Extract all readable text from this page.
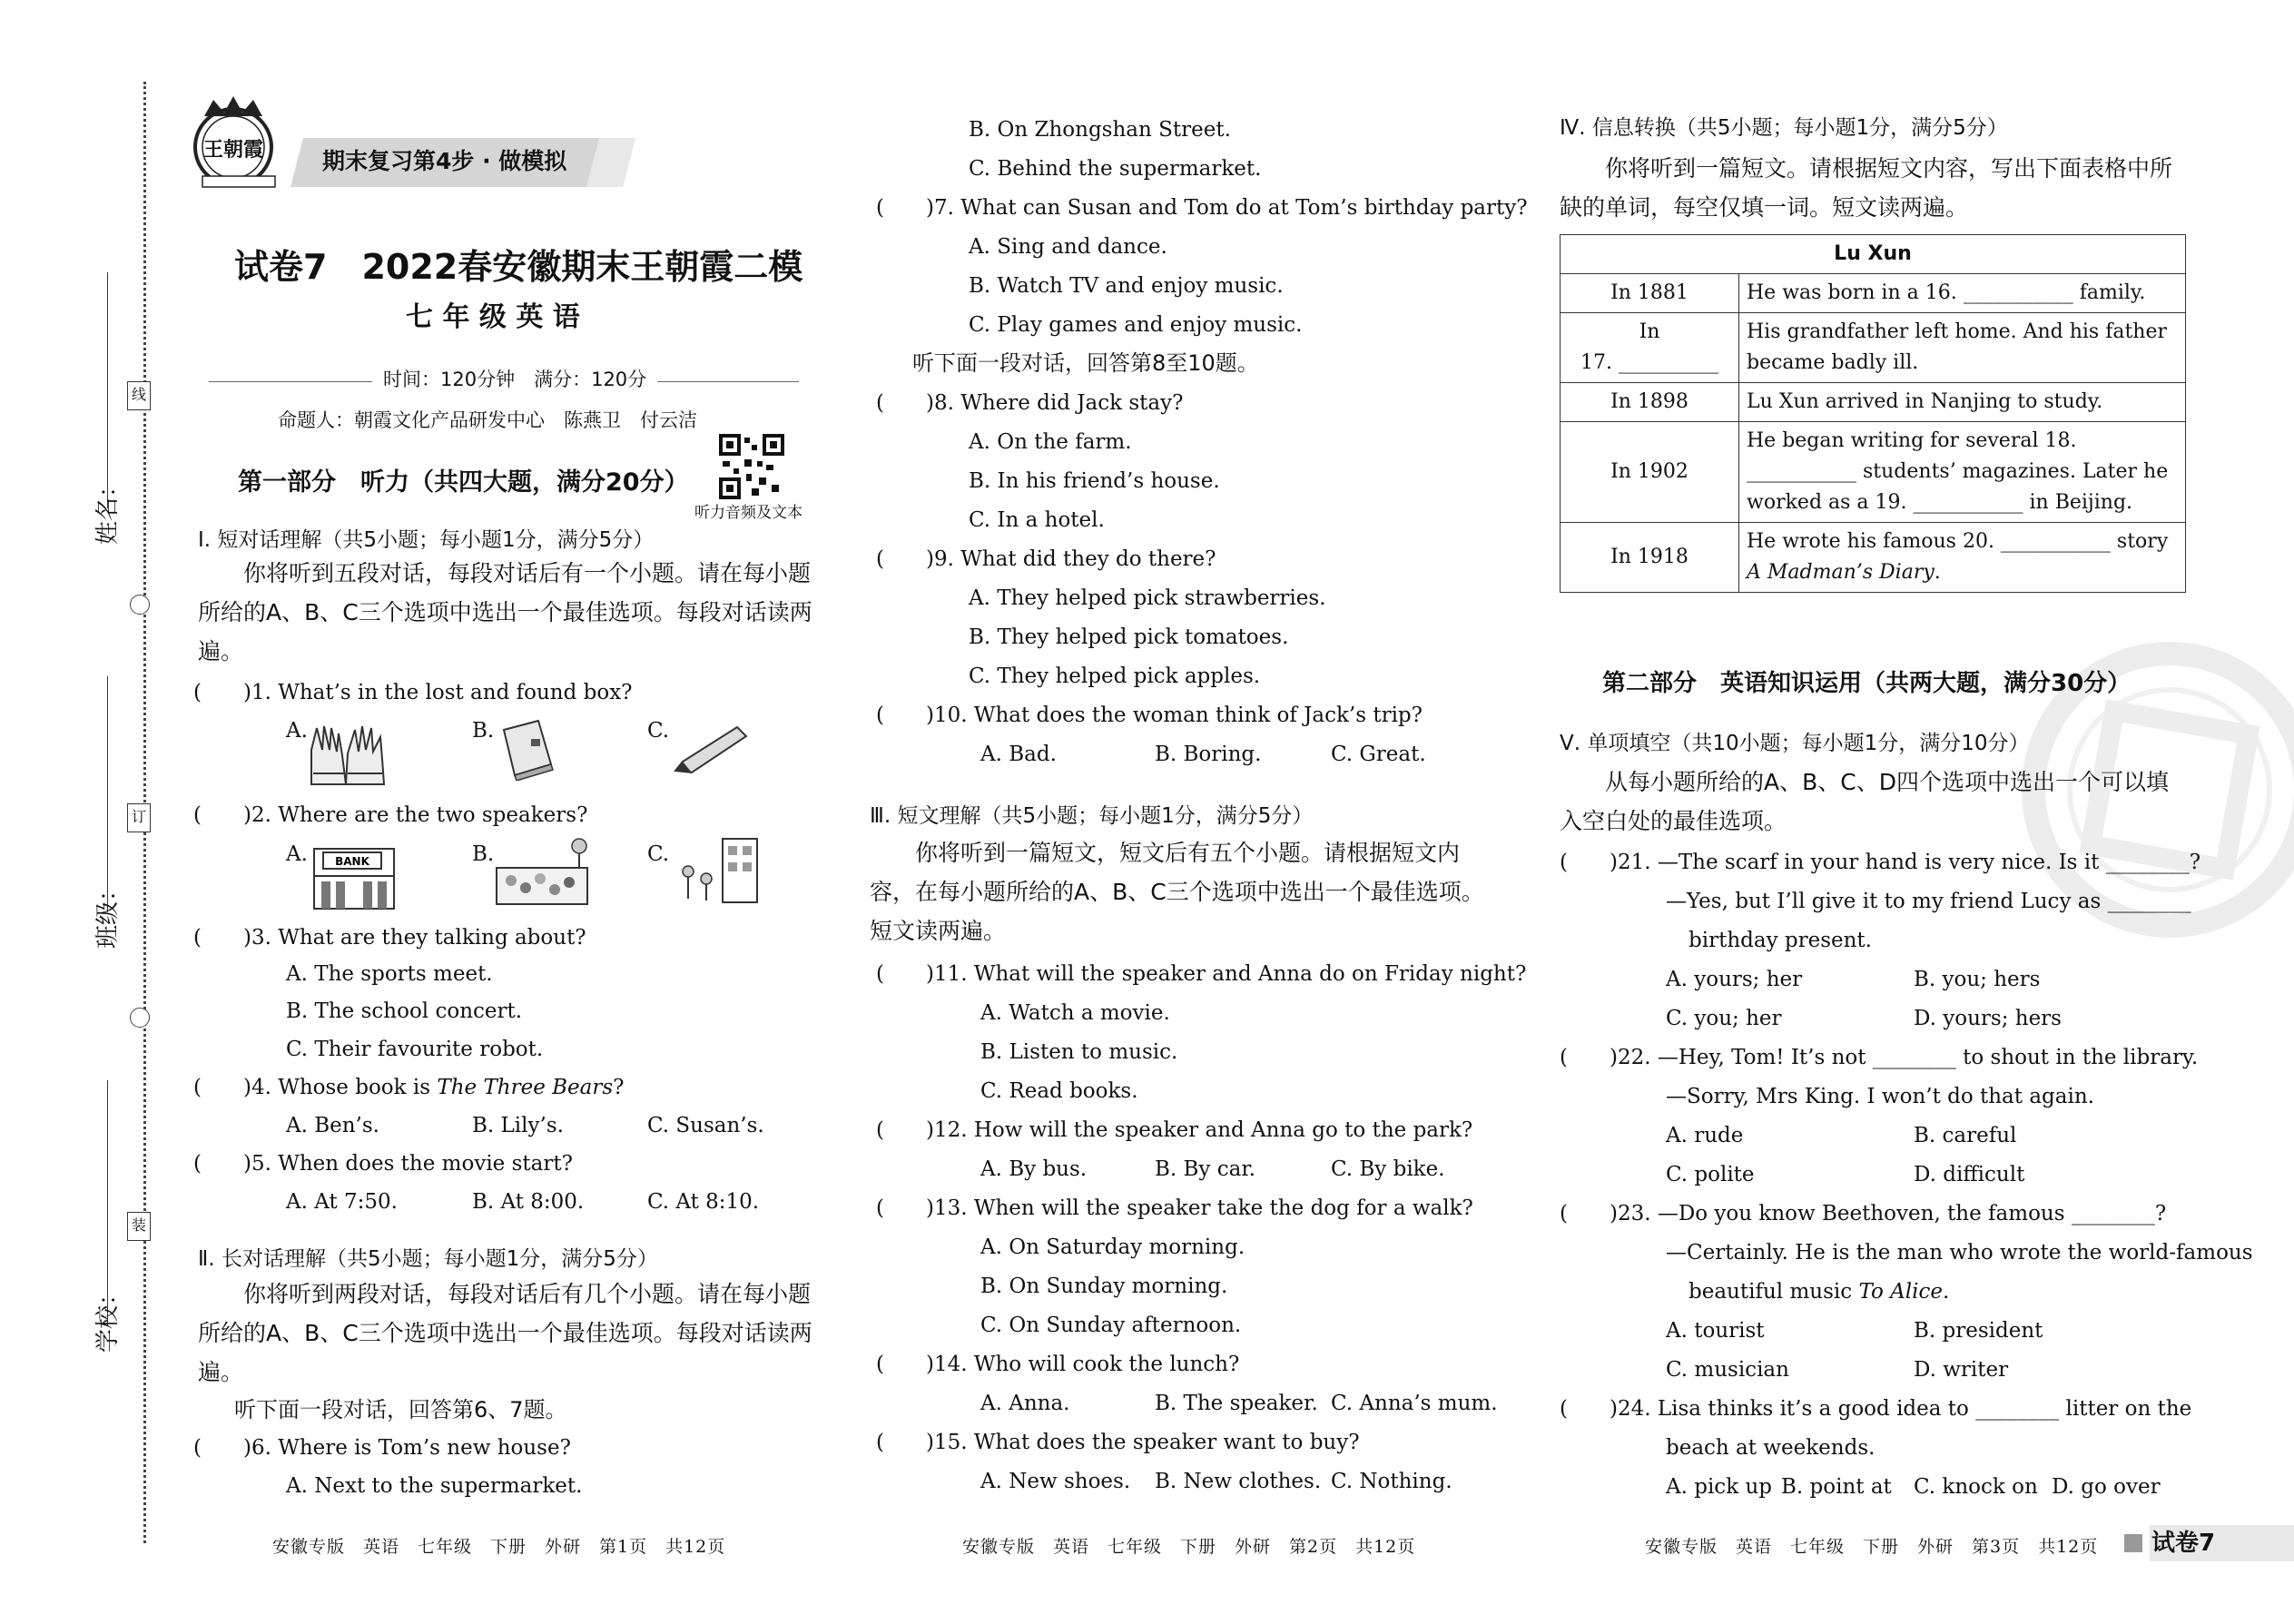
姓名：
班级：
学校：
线
订
装
王朝霞	期末复习第4步 · 做模拟
试卷7　2022春安徽期末王朝霞二模
七 年 级 英 语
时间：120分钟　满分：120分
命题人：朝霞文化产品研发中心　陈燕卫　付云洁
听力音频及文本
第一部分　听力（共四大题，满分20分）
Ⅰ. 短对话理解（共5小题；每小题1分，满分5分）
你将听到五段对话，每段对话后有一个小题。请在每小题所给的A、B、C三个选项中选出一个最佳选项。每段对话读两遍。
(　　)1. What’s in the lost and found box?
A.	B.	C.
(　　)2. Where are the two speakers?
A.	BANK	B.	C.
(　　)3. What are they talking about?
A. The sports meet.
B. The school concert.
C. Their favourite robot.
(　　)4. Whose book is The Three Bears?
A. Ben’s.	B. Lily’s.	C. Susan’s.
(　　)5. When does the movie start?
A. At 7:50.	B. At 8:00.	C. At 8:10.
Ⅱ. 长对话理解（共5小题；每小题1分，满分5分）
你将听到两段对话，每段对话后有几个小题。请在每小题所给的A、B、C三个选项中选出一个最佳选项。每段对话读两遍。
听下面一段对话，回答第6、7题。
(　　)6. Where is Tom’s new house?
A. Next to the supermarket.
安徽专版　英语　七年级　下册　外研　第1页　共12页
B. On Zhongshan Street.
C. Behind the supermarket.
(　　)7. What can Susan and Tom do at Tom’s birthday party?
A. Sing and dance.
B. Watch TV and enjoy music.
C. Play games and enjoy music.
听下面一段对话，回答第8至10题。
(　　)8. Where did Jack stay?
A. On the farm.
B. In his friend’s house.
C. In a hotel.
(　　)9. What did they do there?
A. They helped pick strawberries.
B. They helped pick tomatoes.
C. They helped pick apples.
(　　)10. What does the woman think of Jack’s trip?
A. Bad.	B. Boring.	C. Great.
Ⅲ. 短文理解（共5小题；每小题1分，满分5分）
你将听到一篇短文，短文后有五个小题。请根据短文内容，在每小题所给的A、B、C三个选项中选出一个最佳选项。短文读两遍。
(　　)11. What will the speaker and Anna do on Friday night?
A. Watch a movie.
B. Listen to music.
C. Read books.
(　　)12. How will the speaker and Anna go to the park?
A. By bus.	B. By car.	C. By bike.
(　　)13. When will the speaker take the dog for a walk?
A. On Saturday morning.
B. On Sunday morning.
C. On Sunday afternoon.
(　　)14. Who will cook the lunch?
A. Anna.	B. The speaker. C. Anna’s mum.
(　　)15. What does the speaker want to buy?
A. New shoes. B. New clothes. C. Nothing.
安徽专版　英语　七年级　下册　外研　第2页　共12页
Ⅳ. 信息转换（共5小题；每小题1分，满分5分）
你将听到一篇短文。请根据短文内容，写出下面表格中所缺的单词，每空仅填一词。短文读两遍。
Lu Xun	
In 1881	He was born in a 16. ___________ family.

In
17. __________	His grandfather left home. And his father became badly ill.
In 1898	Lu Xun arrived in Nanjing to study.
In 1902	He began writing for several 18. ___________ students’ magazines. Later he worked as a 19. ___________ in Beijing.
In 1918	He wrote his famous 20. ___________ story A Madman’s Diary.
第二部分　英语知识运用（共两大题，满分30分）
Ⅴ. 单项填空（共10小题；每小题1分，满分10分）
从每小题所给的A、B、C、D四个选项中选出一个可以填入空白处的最佳选项。
(　　)21. —The scarf in your hand is very nice. Is it ________?
—Yes, but I’ll give it to my friend Lucy as ________
birthday present.
A. yours; her	B. you; hers
C. you; her	D. yours; hers
(　　)22. —Hey, Tom! It’s not ________ to shout in the library.
—Sorry, Mrs King. I won’t do that again.
A. rude	B. careful
C. polite	D. difficult
(　　)23. —Do you know Beethoven, the famous ________?
—Certainly. He is the man who wrote the world-famous
beautiful music To Alice.
A. tourist	B. president
C. musician	D. writer
(　　)24. Lisa thinks it’s a good idea to ________ litter on the
beach at weekends.
A. pick up B. point at C. knock on D. go over
安徽专版　英语　七年级　下册　外研　第3页　共12页 试卷7
